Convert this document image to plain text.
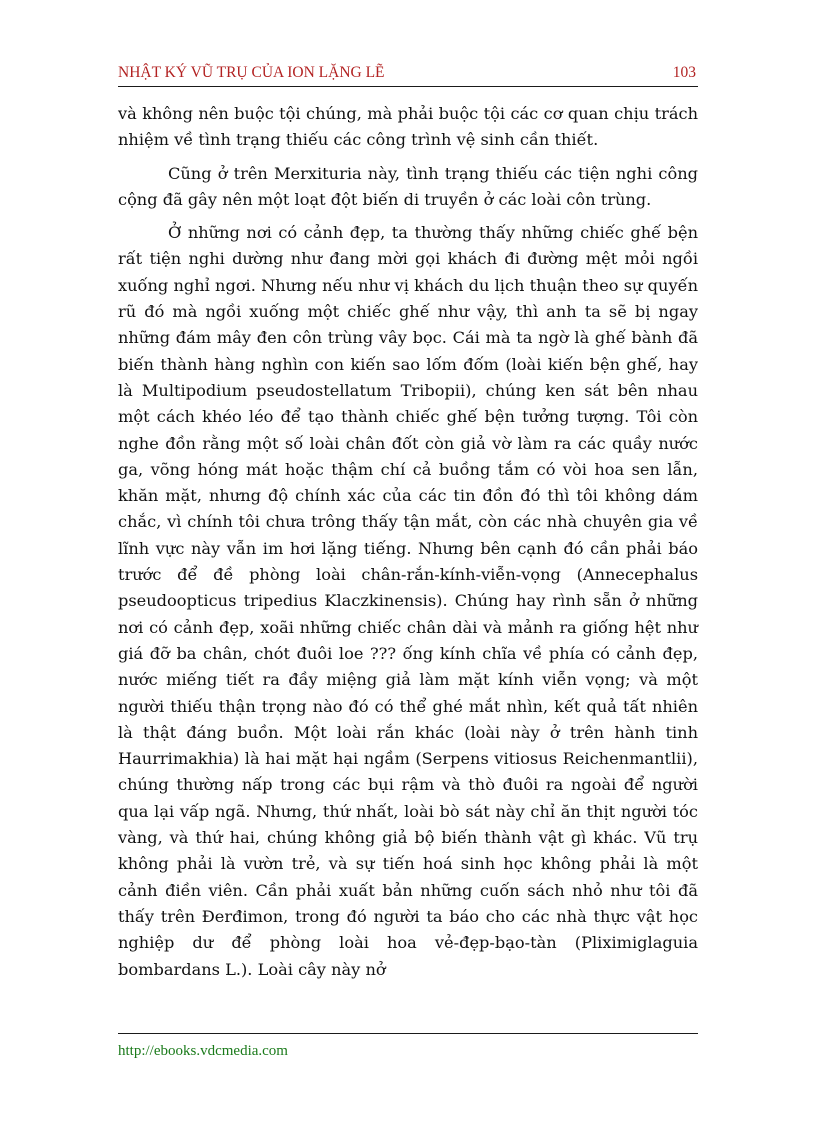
NHẬT KÝ VŨ TRỤ CỦA ION LẶNG LẼ	103

và không nên buộc tội chúng, mà phải buộc tội các cơ quan chịu trách nhiệm về tình trạng thiếu các công trình vệ sinh cần thiết.

Cũng ở trên Merxituria này, tình trạng thiếu các tiện nghi công cộng đã gây nên một loạt đột biến di truyền ở các loài côn trùng.

Ở những nơi có cảnh đẹp, ta thường thấy những chiếc ghế bện rất tiện nghi dường như đang mời gọi khách đi đường mệt mỏi ngồi xuống nghỉ ngơi. Nhưng nếu như vị khách du lịch thuận theo sự quyến rũ đó mà ngồi xuống một chiếc ghế như vậy, thì anh ta sẽ bị ngay những đám mây đen côn trùng vây bọc. Cái mà ta ngờ là ghế bành đã biến thành hàng nghìn con kiến sao lốm đốm (loài kiến bện ghế, hay là Multipodium pseudostellatum Tribopii), chúng ken sát bên nhau một cách khéo léo để tạo thành chiếc ghế bện tưởng tượng. Tôi còn nghe đồn rằng một số loài chân đốt còn giả vờ làm ra các quầy nước ga, võng hóng mát hoặc thậm chí cả buồng tắm có vòi hoa sen lẫn, khăn mặt, nhưng độ chính xác của các tin đồn đó thì tôi không dám chắc, vì chính tôi chưa trông thấy tận mắt, còn các nhà chuyên gia về lĩnh vực này vẫn im hơi lặng tiếng. Nhưng bên cạnh đó cần phải báo trước để đề phòng loài chân-rắn-kính-viễn-vọng (Annecephalus pseudoopticus tripedius Klaczkinensis). Chúng hay rình sẵn ở những nơi có cảnh đẹp, xoãi những chiếc chân dài và mảnh ra giống hệt như giá đỡ ba chân, chót đuôi loe ??? ống kính chĩa về phía có cảnh đẹp, nước miếng tiết ra đầy miệng giả làm mặt kính viễn vọng; và một người thiếu thận trọng nào đó có thể ghé mắt nhìn, kết quả tất nhiên là thật đáng buồn. Một loài rắn khác (loài này ở trên hành tinh Haurrimakhia) là hai mặt hại ngầm (Serpens vitiosus Reichenmantlii), chúng thường nấp trong các bụi rậm và thò đuôi ra ngoài để người qua lại vấp ngã. Nhưng, thứ nhất, loài bò sát này chỉ ăn thịt người tóc vàng, và thứ hai, chúng không giả bộ biến thành vật gì khác. Vũ trụ không phải là vườn trẻ, và sự tiến hoá sinh học không phải là một cảnh điền viên. Cần phải xuất bản những cuốn sách nhỏ như tôi đã thấy trên Đerđimon, trong đó người ta báo cho các nhà thực vật học nghiệp dư để phòng loài hoa vẻ-đẹp-bạo-tàn (Pliximiglaguia bombardans L.). Loài cây này nở

http://ebooks.vdcmedia.com
